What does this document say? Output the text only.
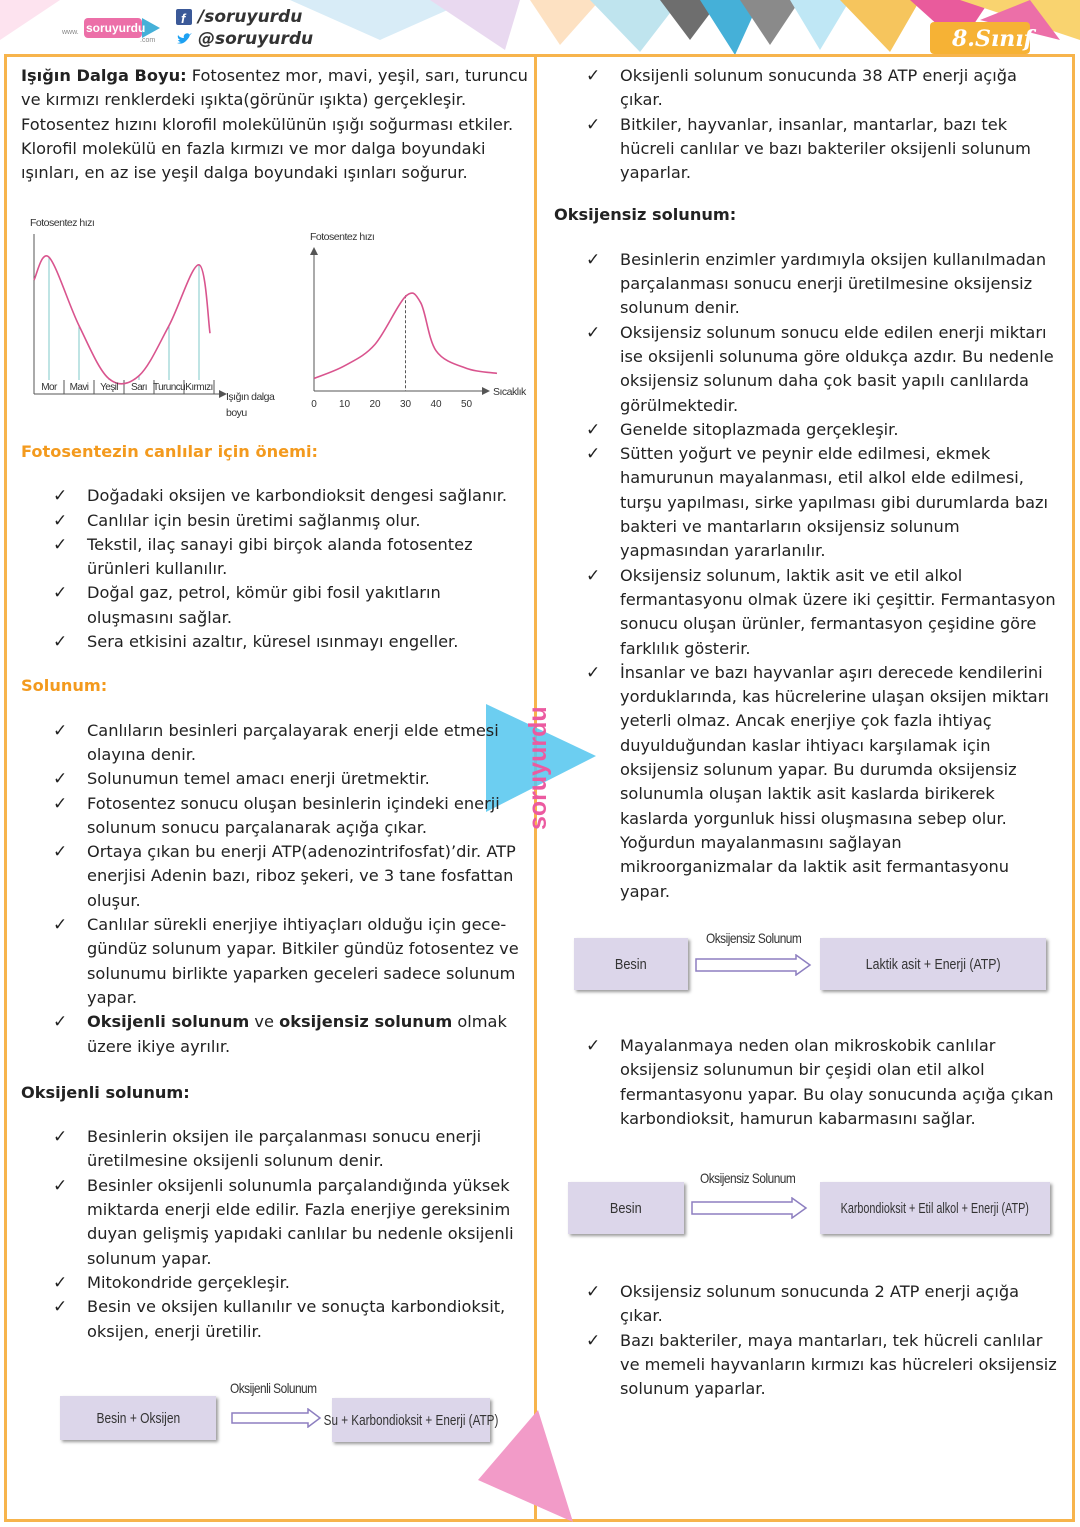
www. soruyurdu
.com
f /soruyurdu
@soruyurdu	8.Sınıf
soruyurdu

Işığın Dalga Boyu: Fotosentez mor, mavi, yeşil, sarı, turuncu ve kırmızı renklerdeki ışıkta(görünür ışıkta) gerçekleşir. Fotosentez hızını klorofil molekülünün ışığı soğurması etkiler. Klorofil molekülü en fazla kırmızı ve mor dalga boyundaki ışınları, en az ise yeşil dalga boyundaki ışınları soğurur.

Fotosentez hızı
Mor Mavi Yeşil Sarı Turuncu Kırmızı
Işığın dalga
boyu
Fotosentez hızı
0 10 20 30 40 50
Sıcaklık

Fotosentezin canlılar için önemi:

✓ Doğadaki oksijen ve karbondioksit dengesi sağlanır.
✓ Canlılar için besin üretimi sağlanmış olur.
✓ Tekstil, ilaç sanayi gibi birçok alanda fotosentez ürünleri kullanılır.
✓ Doğal gaz, petrol, kömür gibi fosil yakıtların oluşmasını sağlar.
✓ Sera etkisini azaltır, küresel ısınmayı engeller.

Solunum:

✓ Canlıların besinleri parçalayarak enerji elde etmesi olayına denir.
✓ Solunumun temel amacı enerji üretmektir.
✓ Fotosentez sonucu oluşan besinlerin içindeki enerji solunum sonucu parçalanarak açığa çıkar.
✓ Ortaya çıkan bu enerji ATP(adenozintrifosfat)’dir. ATP enerjisi Adenin bazı, riboz şekeri, ve 3 tane fosfattan oluşur.
✓ Canlılar sürekli enerjiye ihtiyaçları olduğu için gece-gündüz solunum yapar. Bitkiler gündüz fotosentez ve solunumu birlikte yaparken geceleri sadece solunum yapar.
✓ Oksijenli solunum ve oksijensiz solunum olmak üzere ikiye ayrılır.

Oksijenli solunum:

✓ Besinlerin oksijen ile parçalanması sonucu enerji üretilmesine oksijenli solunum denir.
✓ Besinler oksijenli solunumla parçalandığında yüksek miktarda enerji elde edilir. Fazla enerjiye gereksinim duyan gelişmiş yapıdaki canlılar bu nedenle oksijenli solunum yapar.
✓ Mitokondride gerçekleşir.
✓ Besin ve oksijen kullanılır ve sonuçta karbondioksit, oksijen, enerji üretilir.
Besin + Oksijen
Oksijenli Solunum
Su + Karbondioksit + Enerji (ATP)
✓ Oksijenli solunum sonucunda 38 ATP enerji açığa çıkar.
✓ Bitkiler, hayvanlar, insanlar, mantarlar, bazı tek hücreli canlılar ve bazı bakteriler oksijenli solunum yaparlar.

Oksijensiz solunum:

✓ Besinlerin enzimler yardımıyla oksijen kullanılmadan parçalanması sonucu enerji üretilmesine oksijensiz solunum denir.
✓ Oksijensiz solunum sonucu elde edilen enerji miktarı ise oksijenli solunuma göre oldukça azdır. Bu nedenle oksijensiz solunum daha çok basit yapılı canlılarda görülmektedir.
✓ Genelde sitoplazmada gerçekleşir.
✓ Sütten yoğurt ve peynir elde edilmesi, ekmek hamurunun mayalanması, etil alkol elde edilmesi, turşu yapılması, sirke yapılması gibi durumlarda bazı bakteri ve mantarların oksijensiz solunum yapmasından yararlanılır.
✓ Oksijensiz solunum, laktik asit ve etil alkol fermantasyonu olmak üzere iki çeşittir. Fermantasyon sonucu oluşan ürünler, fermantasyon çeşidine göre farklılık gösterir.
✓ İnsanlar ve bazı hayvanlar aşırı derecede kendilerini yorduklarında, kas hücrelerine ulaşan oksijen miktarı yeterli olmaz. Ancak enerjiye çok fazla ihtiyaç duyulduğundan kaslar ihtiyacı karşılamak için oksijensiz solunum yapar. Bu durumda oksijensiz solunumla oluşan laktik asit kaslarda birikerek kaslarda yorgunluk hissi oluşmasına sebep olur. Yoğurdun mayalanmasını sağlayan mikroorganizmalar da laktik asit fermantasyonu yapar.
Besin
Oksijensiz Solunum
Laktik asit + Enerji (ATP)
✓ Mayalanmaya neden olan mikroskobik canlılar oksijensiz solunumun bir çeşidi olan etil alkol fermantasyonu yapar. Bu olay sonucunda açığa çıkan karbondioksit, hamurun kabarmasını sağlar.
Besin
Oksijensiz Solunum
Karbondioksit + Etil alkol + Enerji (ATP)
✓ Oksijensiz solunum sonucunda 2 ATP enerji açığa çıkar.
✓ Bazı bakteriler, maya mantarları, tek hücreli canlılar ve memeli hayvanların kırmızı kas hücreleri oksijensiz solunum yaparlar.
